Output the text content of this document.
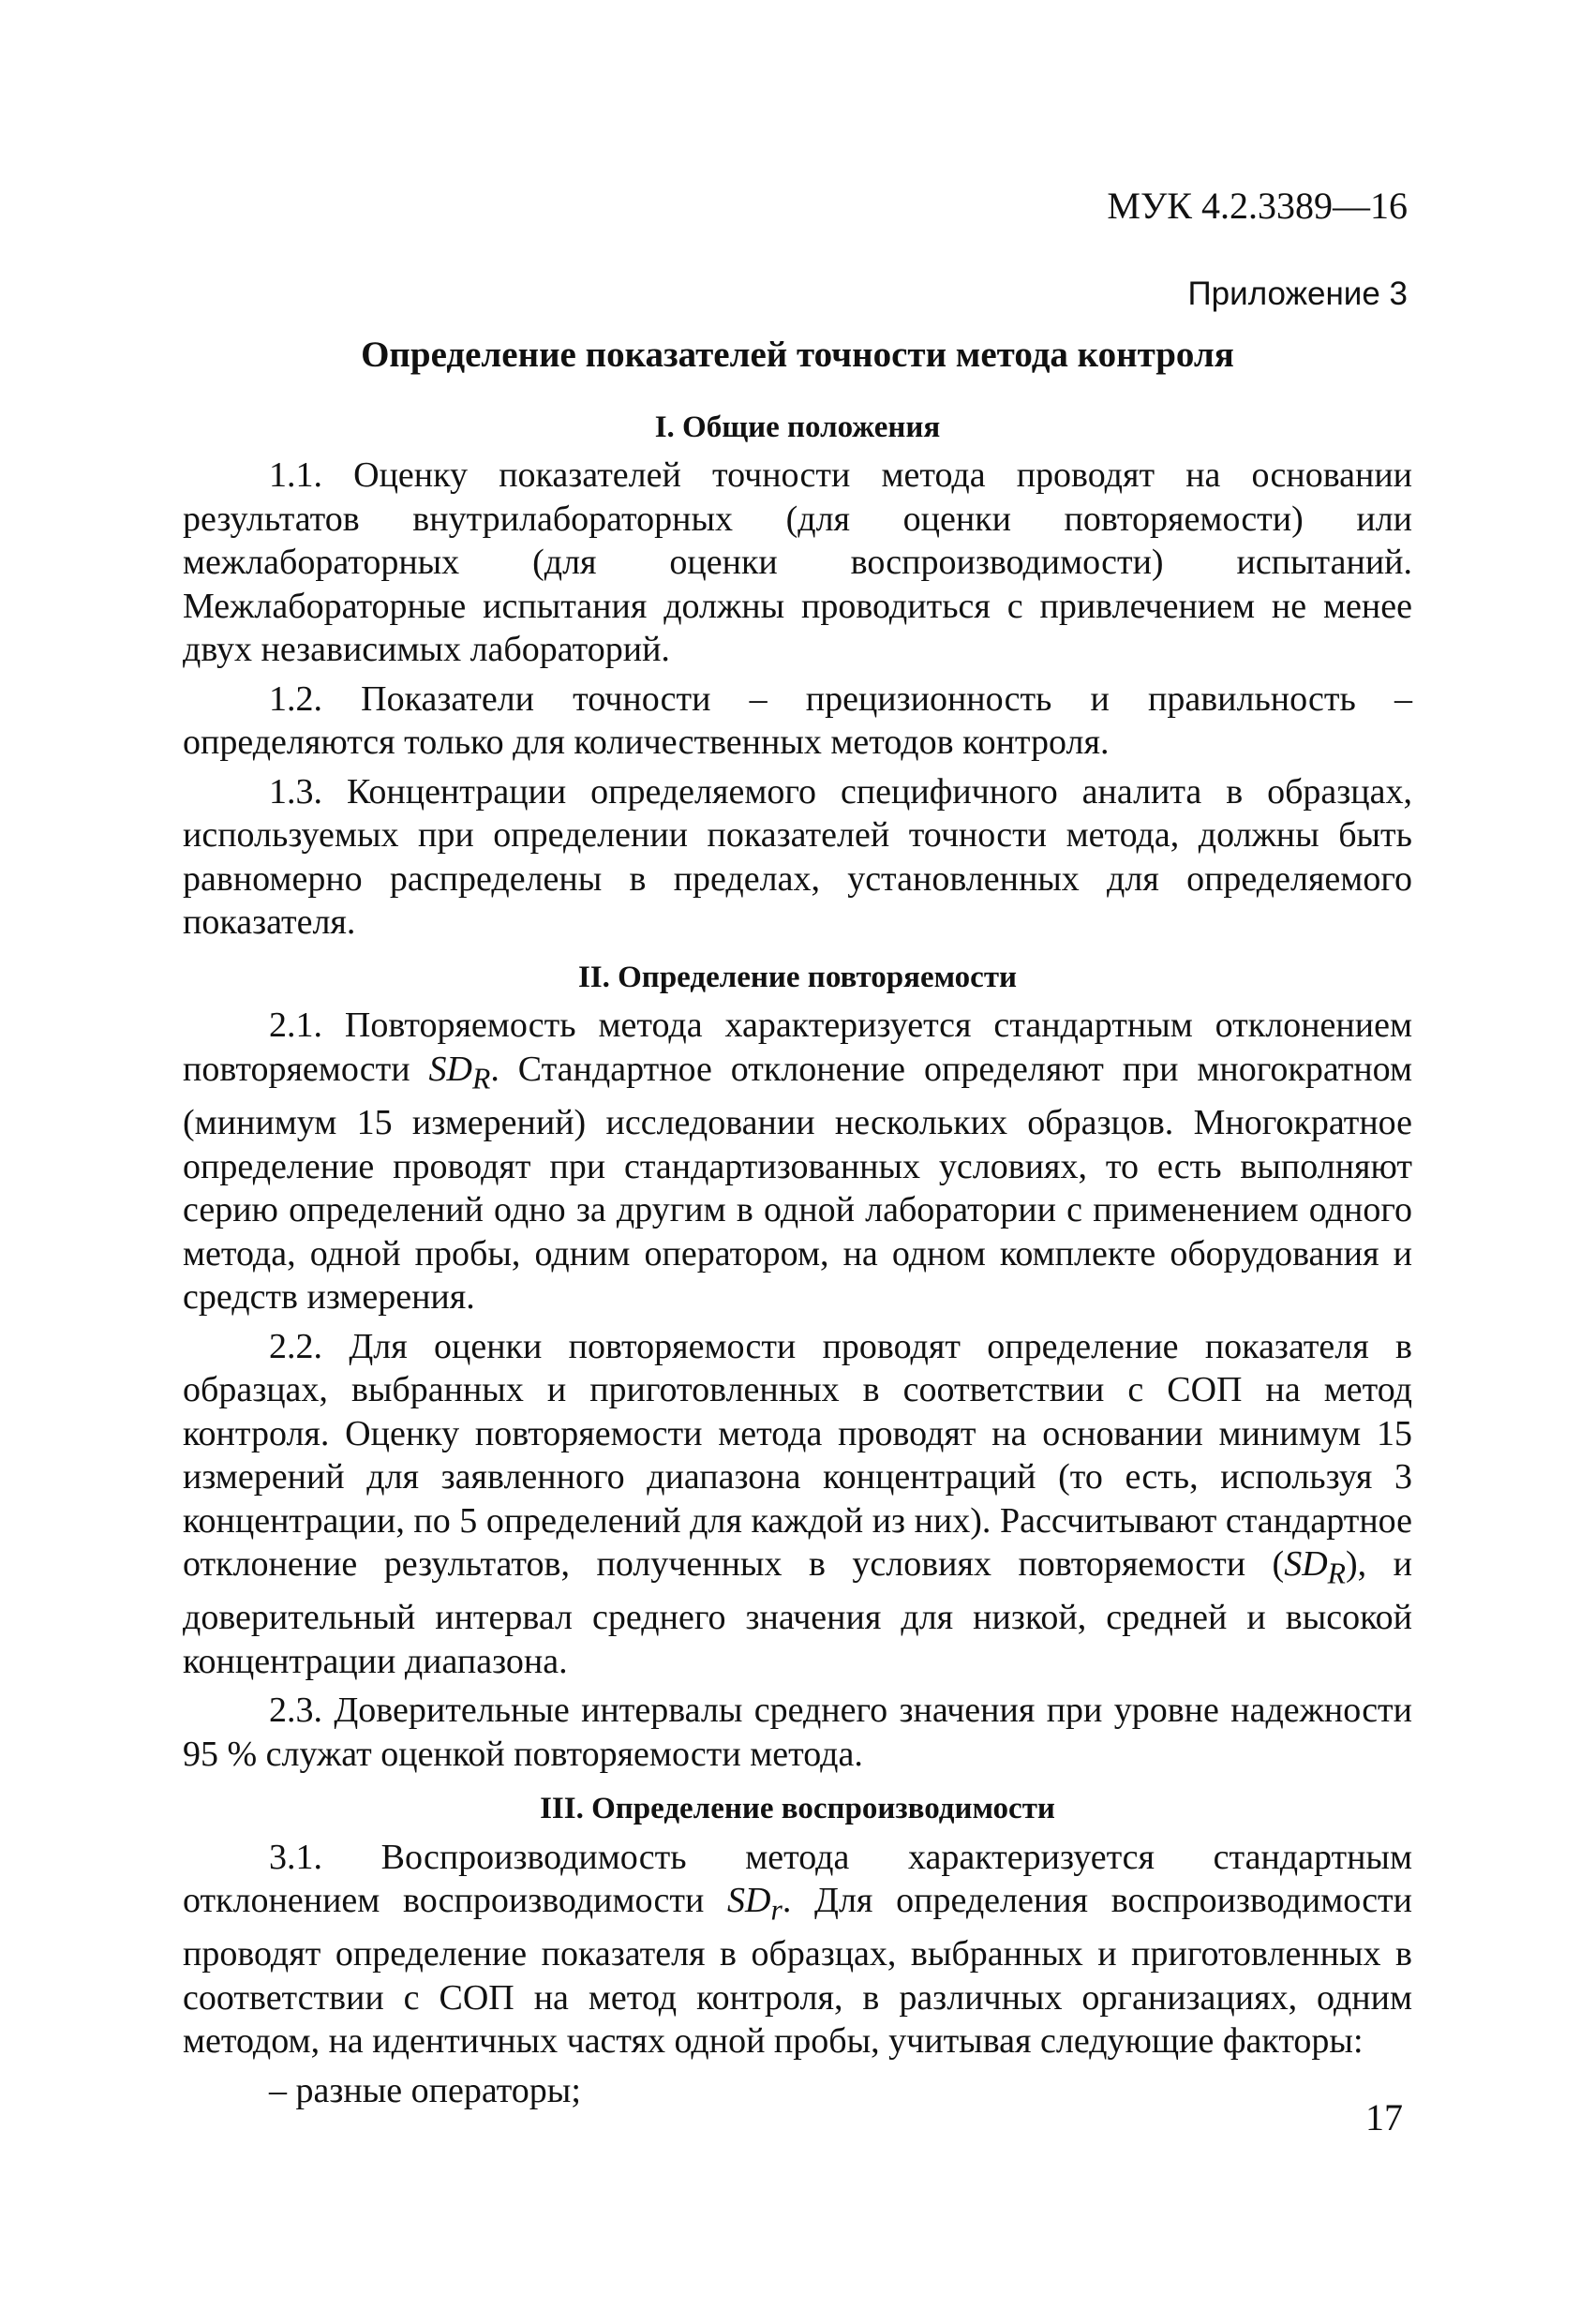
МУК 4.2.3389—16
Приложение 3
Определение показателей точности метода контроля
I. Общие положения

1.1. Оценку показателей точности метода проводят на основании результатов внутрилабораторных (для оценки повторяемости) или межлабораторных (для оценки воспроизводимости) испытаний. Межлабораторные испытания должны проводиться с привлечением не менее двух независимых лабораторий.

1.2. Показатели точности – прецизионность и правильность – определяются только для количественных методов контроля.

1.3. Концентрации определяемого специфичного аналита в образцах, используемых при определении показателей точности метода, должны быть равномерно распределены в пределах, установленных для определяемого показателя.

II. Определение повторяемости

2.1. Повторяемость метода характеризуется стандартным отклонением повторяемости $SD_R$. Стандартное отклонение определяют при многократном (минимум 15 измерений) исследовании нескольких образцов. Многократное определение проводят при стандартизованных условиях, то есть выполняют серию определений одно за другим в одной лаборатории с применением одного метода, одной пробы, одним оператором, на одном комплекте оборудования и средств измерения.

2.2. Для оценки повторяемости проводят определение показателя в образцах, выбранных и приготовленных в соответствии с СОП на метод контроля. Оценку повторяемости метода проводят на основании минимум 15 измерений для заявленного диапазона концентраций (то есть, используя 3 концентрации, по 5 определений для каждой из них). Рассчитывают стандартное отклонение результатов, полученных в условиях повторяемости $(SD_R)$, и доверительный интервал среднего значения для низкой, средней и высокой концентрации диапазона.

2.3. Доверительные интервалы среднего значения при уровне надежности 95 % служат оценкой повторяемости метода.

III. Определение воспроизводимости

3.1. Воспроизводимость метода характеризуется стандартным отклонением воспроизводимости $SD_r$. Для определения воспроизводимости проводят определение показателя в образцах, выбранных и приготовленных в соответствии с СОП на метод контроля, в различных организациях, одним методом, на идентичных частях одной пробы, учитывая следующие факторы:

– разные операторы;

17
